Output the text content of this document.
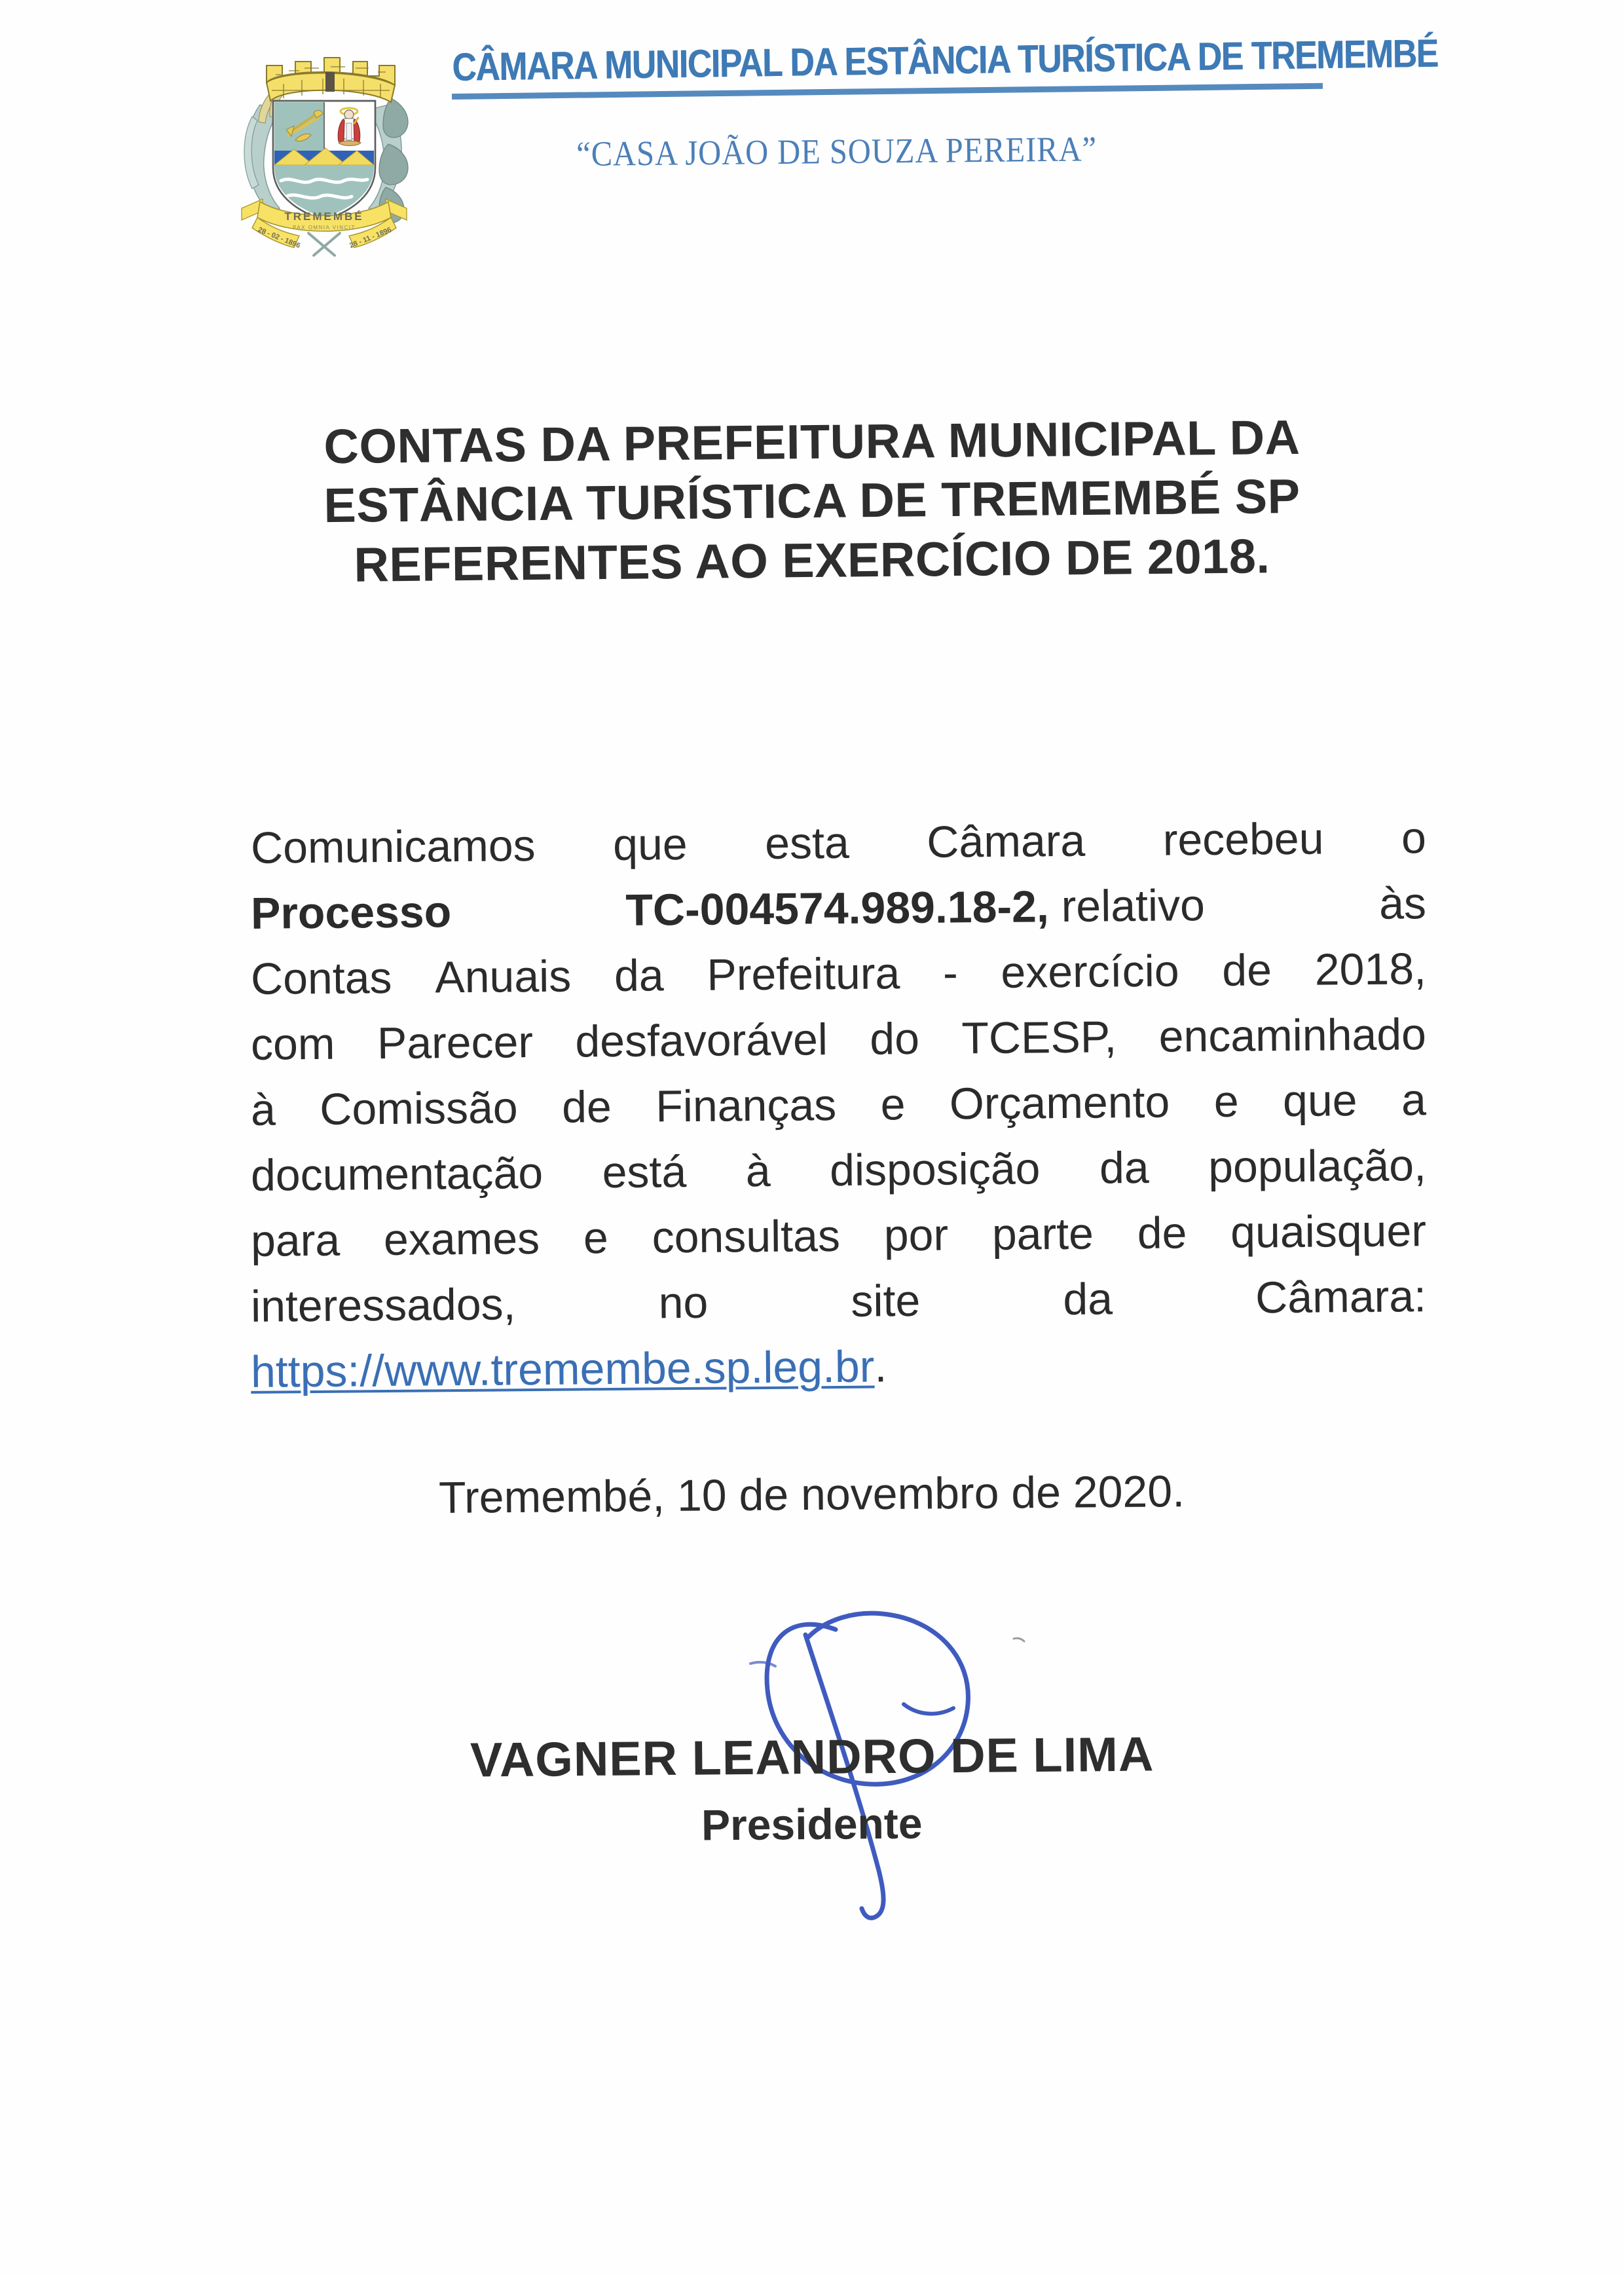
TREMEMBÉ
PAX OMNIA VINCIT
28 - 02 - 1896	28 - 11 - 1896
CÂMARA MUNICIPAL DA ESTÂNCIA TURÍSTICA DE TREMEMBÉ
“CASA JOÃO DE SOUZA PEREIRA”
CONTAS DA PREFEITURA MUNICIPAL DA
ESTÂNCIA TURÍSTICA DE TREMEMBÉ SP
REFERENTES AO EXERCÍCIO DE 2018.
Comunicamos que esta Câmara recebeu o
Processo	TC-004574.989.18-2, relativo	às
Contas Anuais da Prefeitura - exercício de 2018,
com Parecer desfavorável do TCESP, encaminhado
à Comissão de Finanças e Orçamento e que a
documentação está à disposição da população,
para exames e consultas por parte de quaisquer
interessados,	no	site	da	Câmara:
https://www.tremembe.sp.leg.br .
Tremembé, 10 de novembro de 2020.
VAGNER LEANDRO DE LIMA
Presidente
